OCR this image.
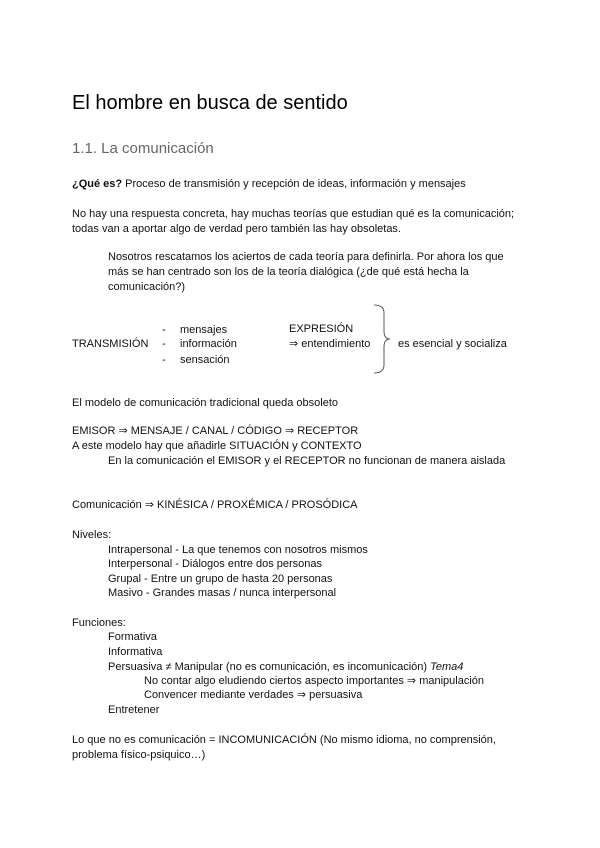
El hombre en busca de sentido
1.1. La comunicación
¿Qué es? Proceso de transmisión y recepción de ideas, información y mensajes
No hay una respuesta concreta, hay muchas teorías que estudian qué es la comunicación;
todas van a aportar algo de verdad pero también las hay obsoletas.
Nosotros rescatamos los aciertos de cada teoría para definirla. Por ahora los que
más se han centrado son los de la teoría dialógica (¿de qué está hecha la
comunicación?)
TRANSMISIÓN
-
-
-
mensajes
información
sensación
EXPRESIÓN
⇒ entendimiento	es esencial y socializa
El modelo de comunicación tradicional queda obsoleto
EMISOR ⇒ MENSAJE / CANAL / CÓDIGO ⇒ RECEPTOR
A este modelo hay que añadirle SITUACIÓN y CONTEXTO
En la comunicación el EMISOR y el RECEPTOR no funcionan de manera aislada
Comunicación ⇒ KINÉSICA / PROXÉMICA / PROSÓDICA
Niveles:
Intrapersonal - La que tenemos con nosotros mismos
Interpersonal - Diálogos entre dos personas
Grupal - Entre un grupo de hasta 20 personas
Masivo - Grandes masas / nunca interpersonal
Funciones:
Formativa
Informativa
Persuasiva ≠ Manipular (no es comunicación, es incomunicación) Tema4
No contar algo eludiendo ciertos aspecto importantes ⇒ manipulación
Convencer mediante verdades ⇒ persuasiva
Entretener
Lo que no es comunicación = INCOMUNICACIÓN (No mismo idioma, no comprensión,
problema físico-psiquico…)
